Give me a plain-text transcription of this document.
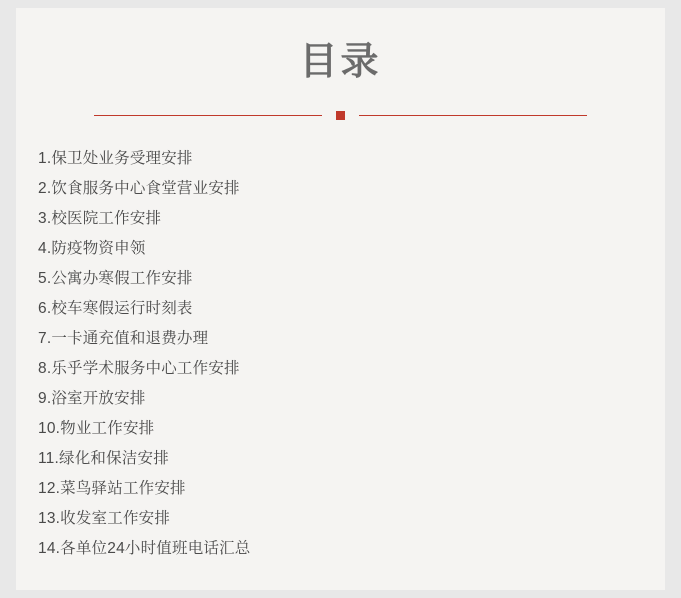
目录
1.保卫处业务受理安排
2.饮食服务中心食堂营业安排
3.校医院工作安排
4.防疫物资申领
5.公寓办寒假工作安排
6.校车寒假运行时刻表
7.一卡通充值和退费办理
8.乐乎学术服务中心工作安排
9.浴室开放安排
10.物业工作安排
11.绿化和保洁安排
12.菜鸟驿站工作安排
13.收发室工作安排
14.各单位24小时值班电话汇总
